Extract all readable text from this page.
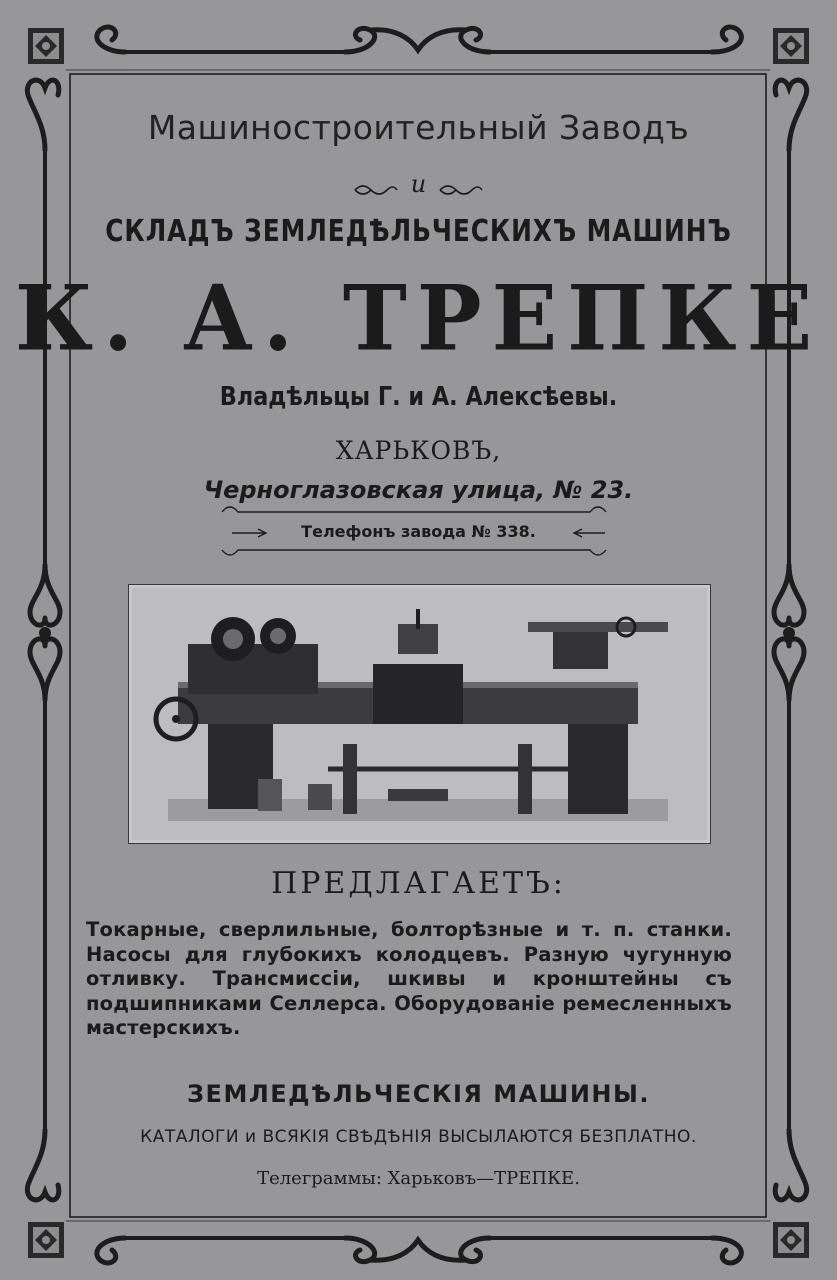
Машиностроительный Заводъ
и
СКЛАДЪ ЗЕМЛЕДѢЛЬЧЕСКИХЪ МАШИНЪ
К. А. ТРЕПКЕ
Владѣльцы Г. и А. Алексѣевы.
ХАРЬКОВЪ,
Черноглазовская улица, № 23.
Телефонъ завода № 338.
ПРЕДЛАГАЕТЪ:
Токарные, сверлильные, болторѣзные и т. п. станки. Насосы для глубокихъ колодцевъ. Разную чугунную отливку. Трансмиссіи, шкивы и кронштейны съ подшипниками Селлерса. Оборудованіе ремесленныхъ мастерскихъ.
ЗЕМЛЕДѢЛЬЧЕСКІЯ МАШИНЫ.
КАТАЛОГИ и ВСЯКІЯ СВѢДѢНІЯ ВЫСЫЛАЮТСЯ БЕЗПЛАТНО.
Телеграммы: Харьковъ—ТРЕПКЕ.
